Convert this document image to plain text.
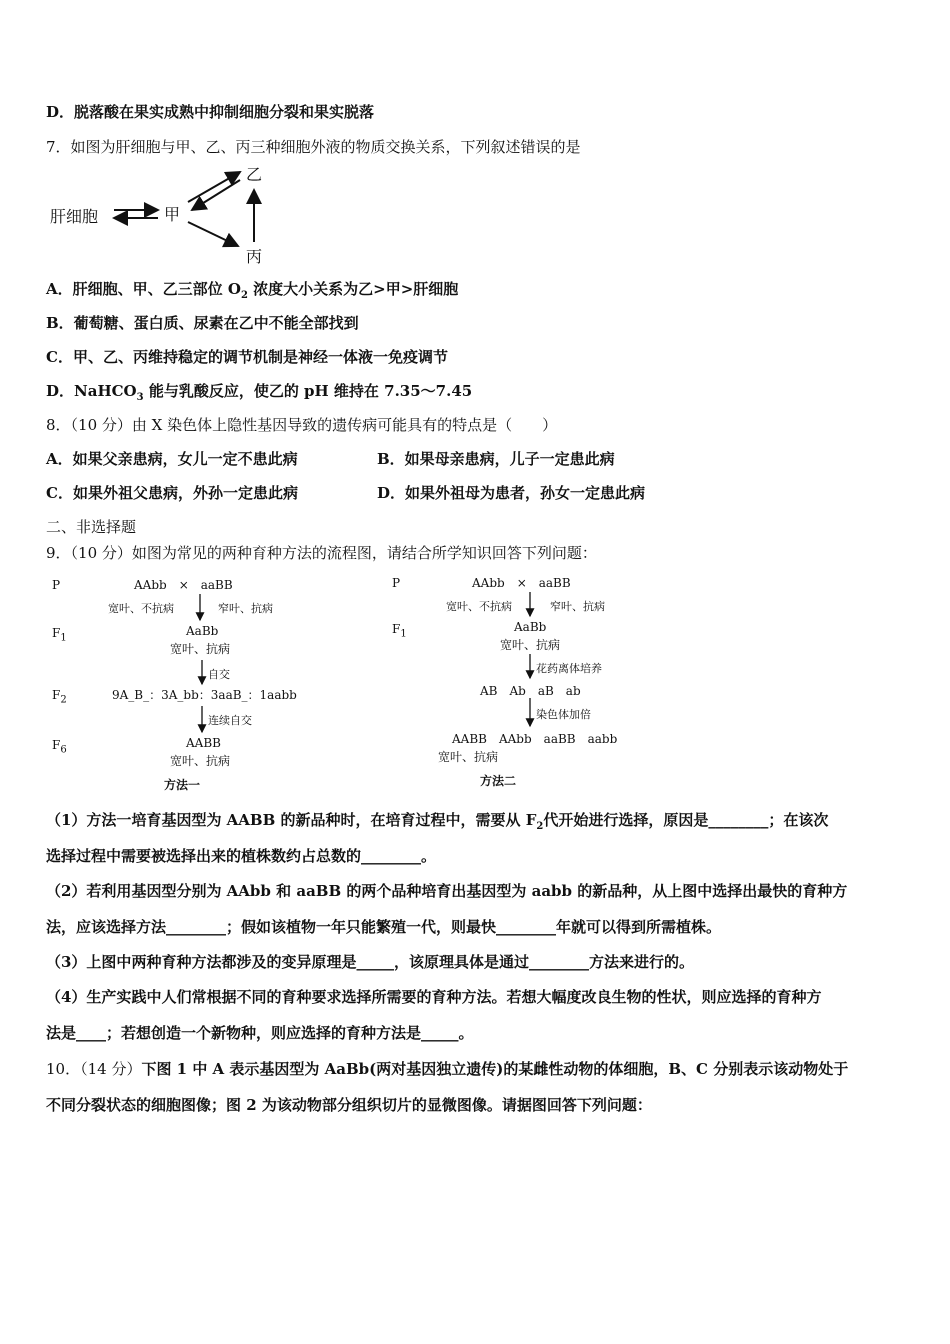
D．脱落酸在果实成熟中抑制细胞分裂和果实脱落
7．如图为肝细胞与甲、乙、丙三种细胞外液的物质交换关系，下列叙述错误的是
肝细胞	甲
乙
丙
A．肝细胞、甲、乙三部位 $O_2$ 浓度大小关系为乙>甲>肝细胞
B．葡萄糖、蛋白质、尿素在乙中不能全部找到
C．甲、乙、丙维持稳定的调节机制是神经一体液一免疫调节
D．NaHCO$_3$ 能与乳酸反应，使乙的 pH 维持在 7.35～7.45
8．（10 分）由 X 染色体上隐性基因导致的遗传病可能具有的特点是（　　）
A．如果父亲患病，女儿一定不患此病	B．如果母亲患病，儿子一定患此病
C．如果外祖父患病，外孙一定患此病	D．如果外祖母为患者，孙女一定患此病
二、非选择题
9．（10 分）如图为常见的两种育种方法的流程图，请结合所学知识回答下列问题：
P	AAbb　×　aaBB
宽叶、不抗病	窄叶、抗病
$F_1$	AaBb
宽叶、抗病
自交
$F_2$	9A_B_：3A_bb：3aaB_：1aabb
连续自交
$F_6$	AABB
宽叶、抗病
方法一
P	AAbb　×　aaBB
宽叶、不抗病	窄叶、抗病
$F_1$	AaBb
宽叶、抗病
花药离体培养
AB　Ab　aB　ab
染色体加倍
AABB　AAbb　aaBB　aabb
宽叶、抗病
方法二
（1）方法一培育基因型为 AABB 的新品种时，在培育过程中，需要从 $F_2$代开始进行选择，原因是________；在该次
选择过程中需要被选择出来的植株数约占总数的________。
（2）若利用基因型分别为 AAbb 和 aaBB 的两个品种培育出基因型为 aabb 的新品种，从上图中选择出最快的育种方
法，应该选择方法________；假如该植物一年只能繁殖一代，则最快________年就可以得到所需植株。
（3）上图中两种育种方法都涉及的变异原理是_____，该原理具体是通过________方法来进行的。
（4）生产实践中人们常根据不同的育种要求选择所需要的育种方法。若想大幅度改良生物的性状，则应选择的育种方
法是____；若想创造一个新物种，则应选择的育种方法是_____。
10．（14 分）下图 1 中 A 表示基因型为 AaBb(两对基因独立遗传)的某雌性动物的体细胞，B、C 分别表示该动物处于
不同分裂状态的细胞图像；图 2 为该动物部分组织切片的显微图像。请据图回答下列问题：
